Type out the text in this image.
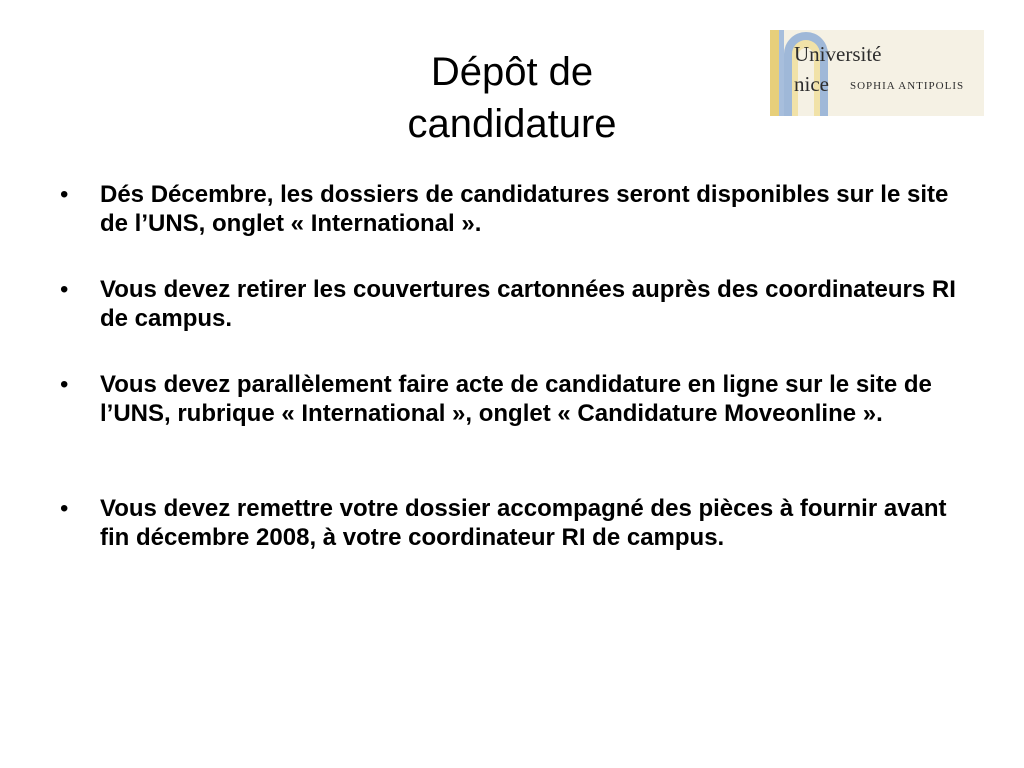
Dépôt de
candidature
Université
nice SOPHIA ANTIPOLIS
• Dés Décembre, les dossiers de candidatures seront disponibles sur le site de l’UNS, onglet « International ».
• Vous devez retirer les couvertures cartonnées auprès des coordinateurs RI de campus.
• Vous devez parallèlement faire acte de candidature en ligne sur le site de l’UNS, rubrique « International », onglet « Candidature Moveonline ».
• Vous devez remettre votre dossier accompagné des pièces à fournir avant fin décembre 2008, à votre coordinateur RI de campus.
